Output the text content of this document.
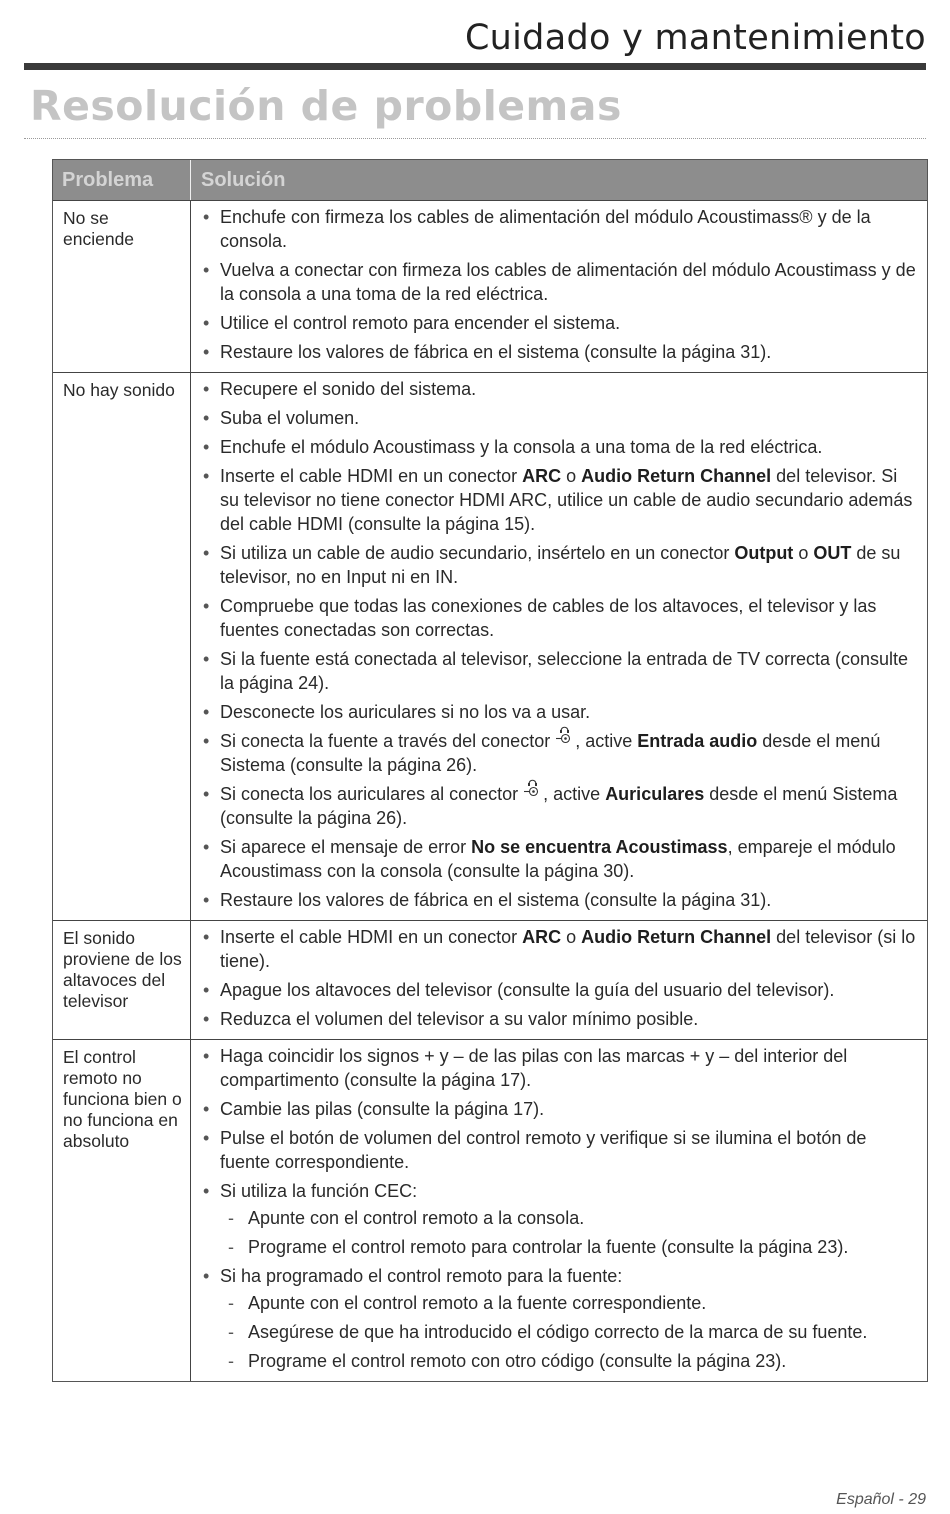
Cuidado y mantenimiento
Resolución de problemas
Problema	Solución
No se enciende
• Enchufe con firmeza los cables de alimentación del módulo Acoustimass® y de la consola.
• Vuelva a conectar con firmeza los cables de alimentación del módulo Acoustimass y de la consola a una toma de la red eléctrica.
• Utilice el control remoto para encender el sistema.
• Restaure los valores de fábrica en el sistema (consulte la página 31).
No hay sonido
•	Recupere el sonido del sistema.
• Suba el volumen.
• Enchufe el módulo Acoustimass y la consola a una toma de la red eléctrica.
• Inserte el cable HDMI en un conector ARC o Audio Return Channel del televisor. Si su televisor no tiene conector HDMI ARC, utilice un cable de audio secundario además del cable HDMI (consulte la página 15).
• Si utiliza un cable de audio secundario, insértelo en un conector Output o OUT de su televisor, no en Input ni en IN.
• Compruebe que todas las conexiones de cables de los altavoces, el televisor y las fuentes conectadas son correctas.
• Si la fuente está conectada al televisor, seleccione la entrada de TV correcta (consulte la página 24).
• Desconecte los auriculares si no los va a usar.
• Si conecta la fuente a través del conector
, active Entrada audio desde el menú Sistema (consulte la página 26).
• Si conecta los auriculares al conector
, active Auriculares desde el menú Sistema (consulte la página 26).
• Si aparece el mensaje de error No se encuentra Acoustimass, empareje el módulo Acoustimass con la consola (consulte la página 30).
• Restaure los valores de fábrica en el sistema (consulte la página 31).
El sonido proviene de los altavoces del televisor
• Inserte el cable HDMI en un conector ARC o Audio Return Channel del televisor (si lo tiene).
• Apague los altavoces del televisor (consulte la guía del usuario del televisor).
• Reduzca el volumen del televisor a su valor mínimo posible.
El control remoto no funciona bien o no funciona en absoluto
• Haga coincidir los signos + y – de las pilas con las marcas + y – del interior del compartimento (consulte la página 17).
• Cambie las pilas (consulte la página 17).
• Pulse el botón de volumen del control remoto y verifique si se ilumina el botón de fuente correspondiente.
• Si utiliza la función CEC:
- Apunte con el control remoto a la consola.
- Programe el control remoto para controlar la fuente (consulte la página 23).
• Si ha programado el control remoto para la fuente:
- Apunte con el control remoto a la fuente correspondiente.
- Asegúrese de que ha introducido el código correcto de la marca de su fuente.
- Programe el control remoto con otro código (consulte la página 23).
Español - 29
